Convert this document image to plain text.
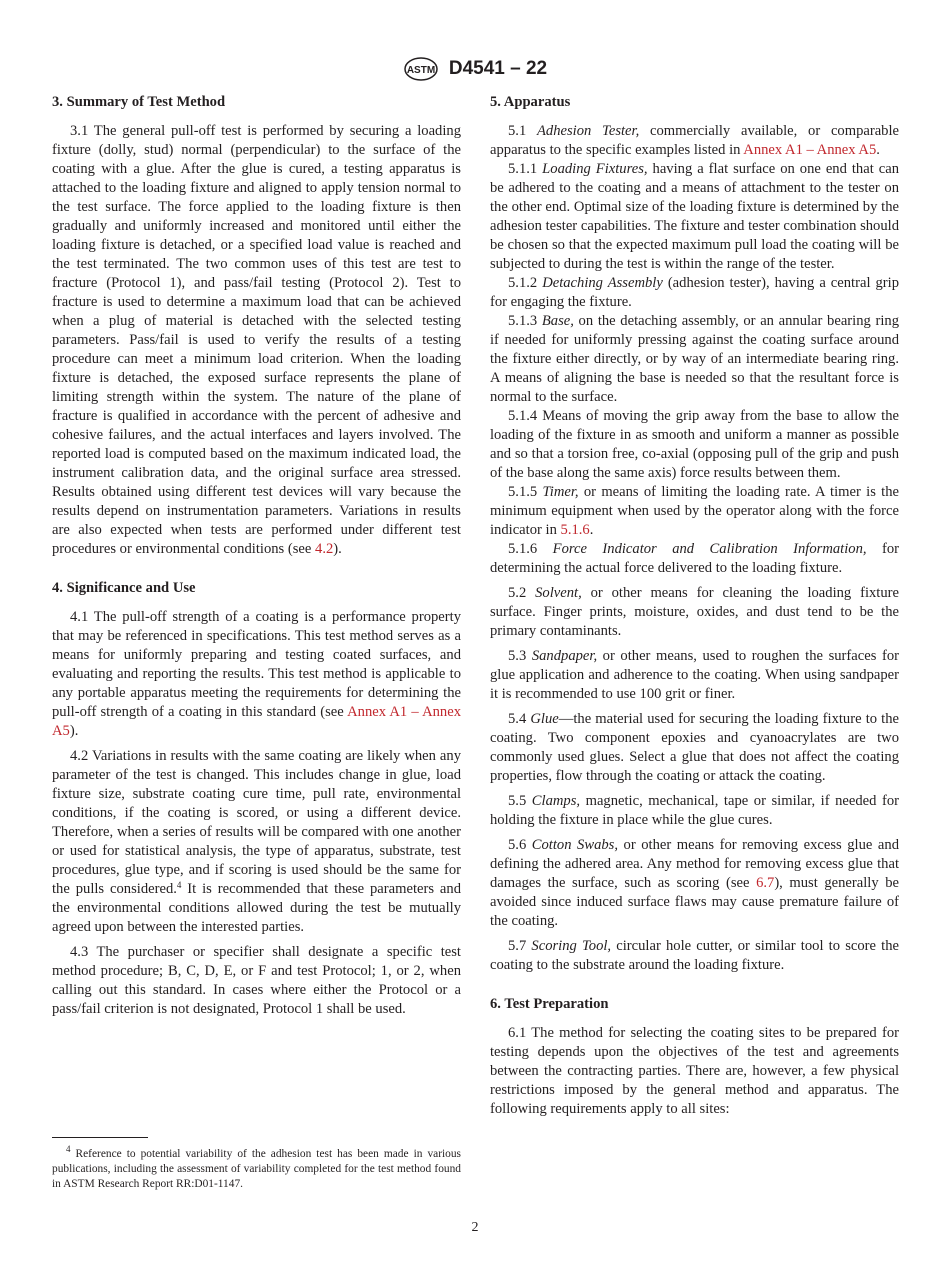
ASTM D4541 – 22
3. Summary of Test Method

3.1 The general pull-off test is performed by securing a loading fixture (dolly, stud) normal (perpendicular) to the surface of the coating with a glue. After the glue is cured, a testing apparatus is attached to the loading fixture and aligned to apply tension normal to the test surface. The force applied to the loading fixture is then gradually and uniformly increased and monitored until either the loading fixture is detached, or a specified load value is reached and the test terminated. The two common uses of this test are test to fracture (Protocol 1), and pass/fail testing (Protocol 2). Test to fracture is used to determine a maximum load that can be achieved when a plug of material is detached with the selected testing parameters. Pass/fail is used to verify the results of a testing procedure can meet a minimum load criterion. When the loading fixture is detached, the exposed surface represents the plane of limiting strength within the system. The nature of the plane of fracture is qualified in accordance with the percent of adhesive and cohesive failures, and the actual interfaces and layers involved. The reported load is computed based on the maximum indicated load, the instrument calibration data, and the original surface area stressed. Results obtained using different test devices will vary because the results depend on instrumentation parameters. Variations in results are also expected when tests are performed under different test procedures or environmental conditions (see 4.2).

4. Significance and Use

4.1 The pull-off strength of a coating is a performance property that may be referenced in specifications. This test method serves as a means for uniformly preparing and testing coated surfaces, and evaluating and reporting the results. This test method is applicable to any portable apparatus meeting the requirements for determining the pull-off strength of a coating in this standard (see Annex A1 – Annex A5).

4.2 Variations in results with the same coating are likely when any parameter of the test is changed. This includes change in glue, load fixture size, substrate coating cure time, pull rate, environmental conditions, if the coating is scored, or using a different device. Therefore, when a series of results will be compared with one another or used for statistical analysis, the type of apparatus, substrate, test procedures, glue type, and if scoring is used should be the same for the pulls considered.$^4$ It is recommended that these parameters and the environmental conditions allowed during the test be mutually agreed upon between the interested parties.

4.3 The purchaser or specifier shall designate a specific test method procedure; B, C, D, E, or F and test Protocol; 1, or 2, when calling out this standard. In cases where either the Protocol or a pass/fail criterion is not designated, Protocol 1 shall be used.

5. Apparatus

5.1 Adhesion Tester, commercially available, or comparable apparatus to the specific examples listed in Annex A1 – Annex A5.

5.1.1 Loading Fixtures, having a flat surface on one end that can be adhered to the coating and a means of attachment to the tester on the other end. Optimal size of the loading fixture is determined by the adhesion tester capabilities. The fixture and tester combination should be chosen so that the expected maximum pull load the coating will be subjected to during the test is within the range of the tester.

5.1.2 Detaching Assembly (adhesion tester), having a central grip for engaging the fixture.

5.1.3 Base, on the detaching assembly, or an annular bearing ring if needed for uniformly pressing against the coating surface around the fixture either directly, or by way of an intermediate bearing ring. A means of aligning the base is needed so that the resultant force is normal to the surface.

5.1.4 Means of moving the grip away from the base to allow the loading of the fixture in as smooth and uniform a manner as possible and so that a torsion free, co-axial (opposing pull of the grip and push of the base along the same axis) force results between them.

5.1.5 Timer, or means of limiting the loading rate. A timer is the minimum equipment when used by the operator along with the force indicator in 5.1.6.

5.1.6 Force Indicator and Calibration Information, for determining the actual force delivered to the loading fixture.

5.2 Solvent, or other means for cleaning the loading fixture surface. Finger prints, moisture, oxides, and dust tend to be the primary contaminants.

5.3 Sandpaper, or other means, used to roughen the surfaces for glue application and adherence to the coating. When using sandpaper it is recommended to use 100 grit or finer.

5.4 Glue—the material used for securing the loading fixture to the coating. Two component epoxies and cyanoacrylates are two commonly used glues. Select a glue that does not affect the coating properties, flow through the coating or attack the coating.

5.5 Clamps, magnetic, mechanical, tape or similar, if needed for holding the fixture in place while the glue cures.

5.6 Cotton Swabs, or other means for removing excess glue and defining the adhered area. Any method for removing excess glue that damages the surface, such as scoring (see 6.7), must generally be avoided since induced surface flaws may cause premature failure of the coating.

5.7 Scoring Tool, circular hole cutter, or similar tool to score the coating to the substrate around the loading fixture.

6. Test Preparation

6.1 The method for selecting the coating sites to be prepared for testing depends upon the objectives of the test and agreements between the contracting parties. There are, however, a few physical restrictions imposed by the general method and apparatus. The following requirements apply to all sites:

$^4$ Reference to potential variability of the adhesion test has been made in various publications, including the assessment of variability completed for the test method found in ASTM Research Report RR:D01-1147.

2
